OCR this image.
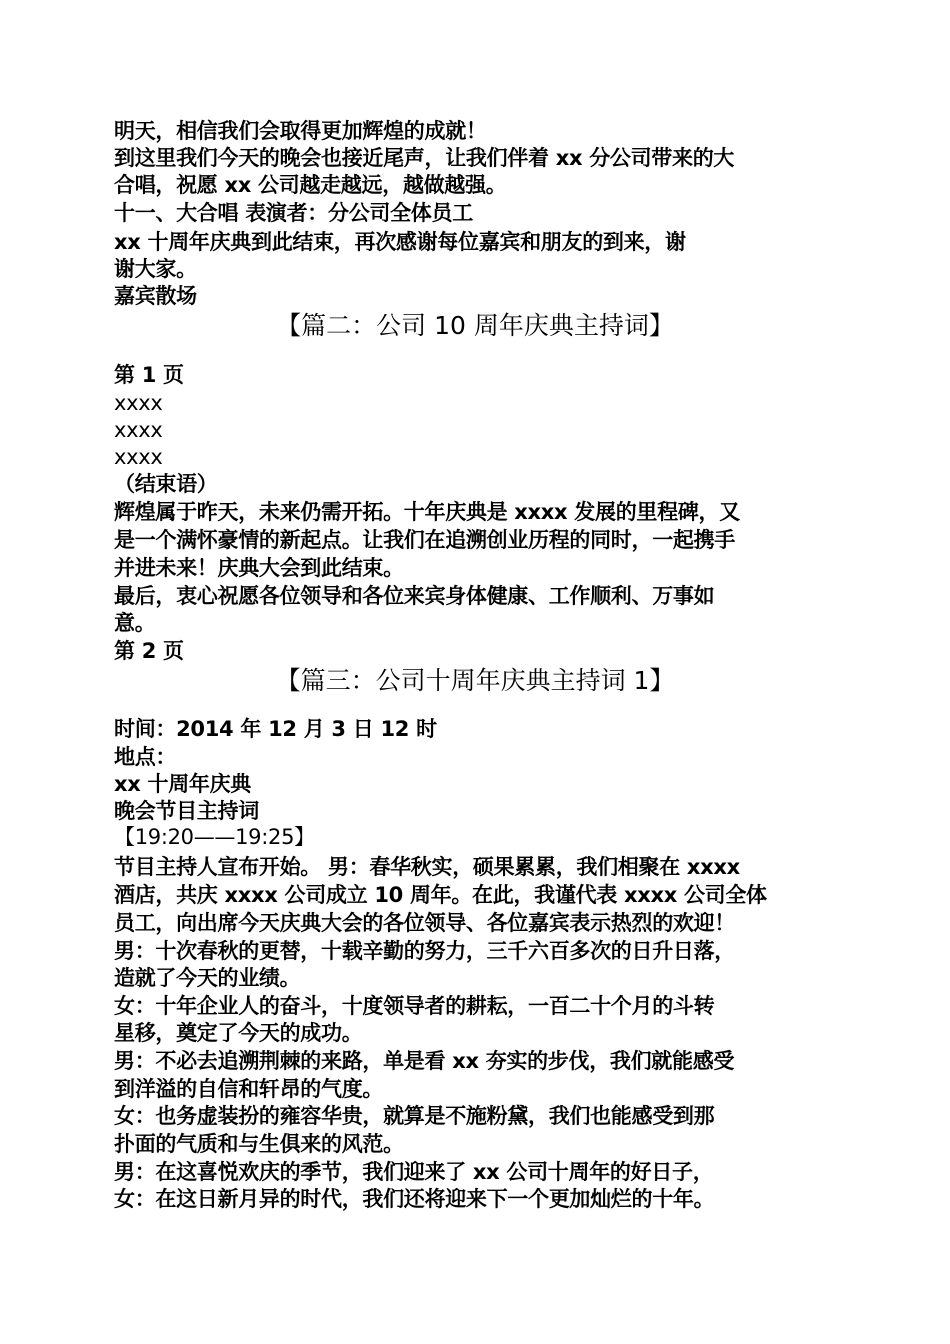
明天，相信我们会取得更加辉煌的成就！
到这里我们今天的晚会也接近尾声，让我们伴着 xx 分公司带来的大
合唱，祝愿 xx 公司越走越远，越做越强。
十一、大合唱 表演者：分公司全体员工
xx 十周年庆典到此结束，再次感谢每位嘉宾和朋友的到来，谢
谢大家。
嘉宾散场
【篇二：公司 10 周年庆典主持词】
第 1 页
xxxx
xxxx
xxxx
（结束语）
辉煌属于昨天，未来仍需开拓。十年庆典是 xxxx 发展的里程碑，又
是一个满怀豪情的新起点。让我们在追溯创业历程的同时，一起携手
并进未来！庆典大会到此结束。
最后，衷心祝愿各位领导和各位来宾身体健康、工作顺利、万事如
意。
第 2 页
【篇三：公司十周年庆典主持词 1】
时间：2014 年 12 月 3 日 12 时
地点：
xx 十周年庆典
晚会节目主持词
【19:20——19:25】
节目主持人宣布开始。 男：春华秋实，硕果累累，我们相聚在 xxxx
酒店，共庆 xxxx 公司成立 10 周年。在此，我谨代表 xxxx 公司全体
员工，向出席今天庆典大会的各位领导、各位嘉宾表示热烈的欢迎！
男：十次春秋的更替，十载辛勤的努力，三千六百多次的日升日落，
造就了今天的业绩。
女：十年企业人的奋斗，十度领导者的耕耘，一百二十个月的斗转
星移，奠定了今天的成功。
男：不必去追溯荆棘的来路，单是看 xx 夯实的步伐，我们就能感受
到洋溢的自信和轩昂的气度。
女：也务虚装扮的雍容华贵，就算是不施粉黛，我们也能感受到那
扑面的气质和与生俱来的风范。
男：在这喜悦欢庆的季节，我们迎来了 xx 公司十周年的好日子，
女：在这日新月异的时代，我们还将迎来下一个更加灿烂的十年。
